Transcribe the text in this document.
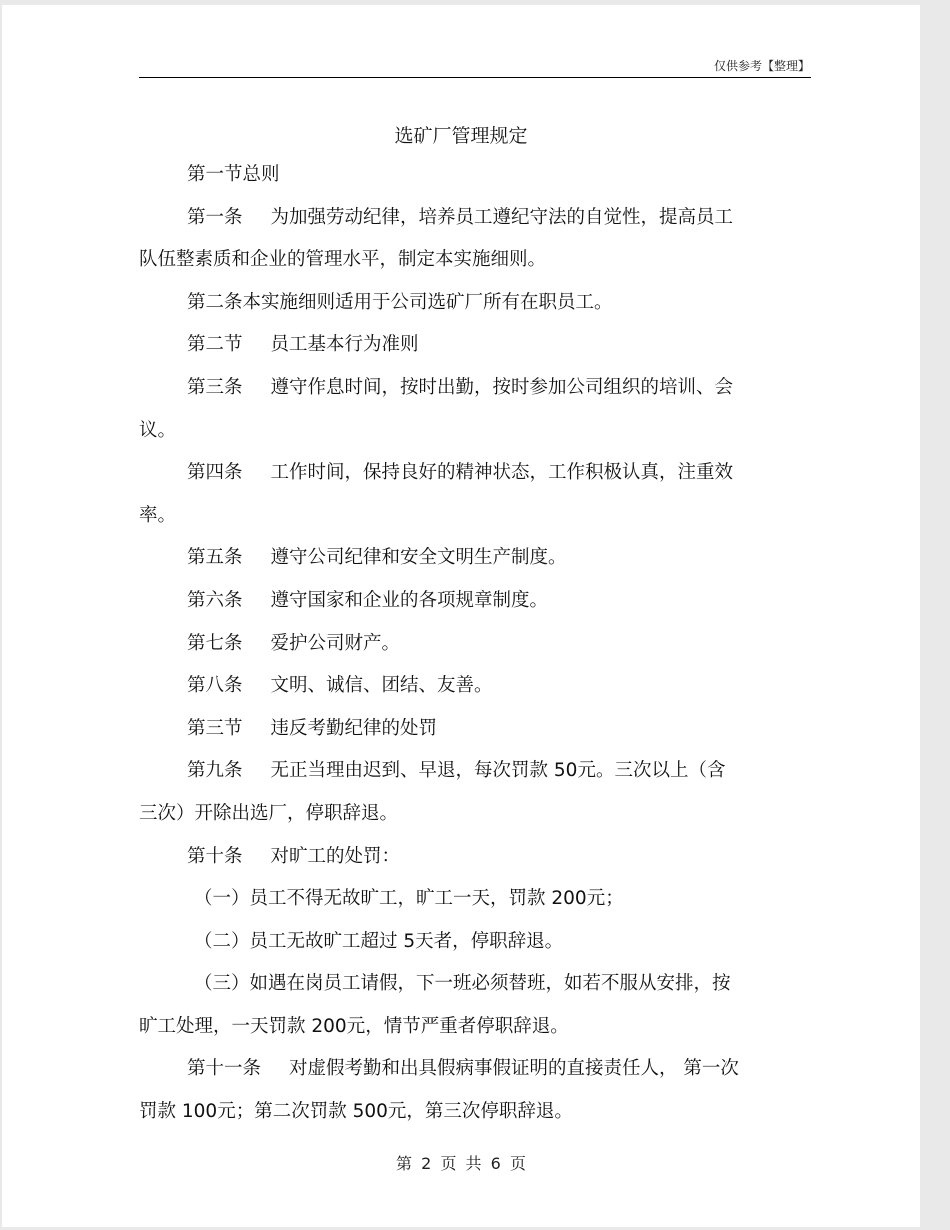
仅供参考【整理】
选矿厂管理规定

第一节总则

第一条 为加强劳动纪律，培养员工遵纪守法的自觉性，提高员工

队伍整素质和企业的管理水平，制定本实施细则。

第二条本实施细则适用于公司选矿厂所有在职员工。

第二节 员工基本行为准则

第三条 遵守作息时间，按时出勤，按时参加公司组织的培训、会

议。

第四条 工作时间，保持良好的精神状态，工作积极认真，注重效

率。

第五条 遵守公司纪律和安全文明生产制度。

第六条 遵守国家和企业的各项规章制度。

第七条 爱护公司财产。

第八条 文明、诚信、团结、友善。

第三节 违反考勤纪律的处罚

第九条 无正当理由迟到、早退，每次罚款 50元。三次以上（含

三次）开除出选厂，停职辞退。

第十条 对旷工的处罚：

（一）员工不得无故旷工，旷工一天，罚款 200元；

（二）员工无故旷工超过 5天者，停职辞退。

（三）如遇在岗员工请假，下一班必须替班，如若不服从安排，按

旷工处理，一天罚款 200元，情节严重者停职辞退。

第十一条 对虚假考勤和出具假病事假证明的直接责任人， 第一次

罚款 100元；第二次罚款 500元，第三次停职辞退。

第 2 页 共 6 页
